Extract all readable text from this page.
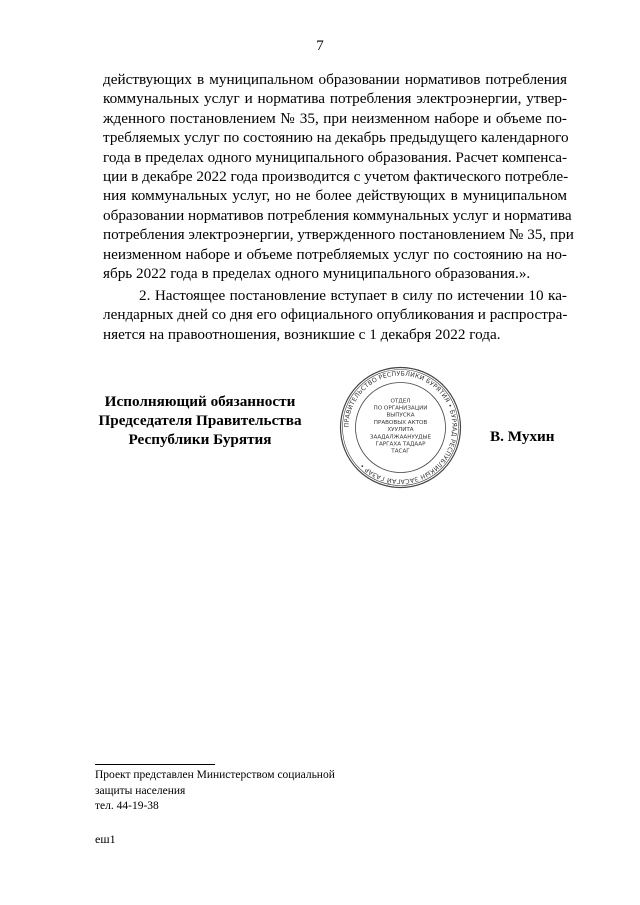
7
действующих в муниципальном образовании нормативов потребления
коммунальных услуг и норматива потребления электроэнергии, утвер-
жденного постановлением № 35, при неизменном наборе и объеме по-
требляемых услуг по состоянию на декабрь предыдущего календарного
года в пределах одного муниципального образования. Расчет компенса-
ции в декабре 2022 года производится с учетом фактического потребле-
ния коммунальных услуг, но не более действующих в муниципальном
образовании нормативов потребления коммунальных услуг и норматива
потребления электроэнергии, утвержденного постановлением № 35, при
неизменном наборе и объеме потребляемых услуг по состоянию на но-
ябрь 2022 года в пределах одного муниципального образования.».
2. Настоящее постановление вступает в силу по истечении 10 ка-
лендарных дней со дня его официального опубликования и распростра-
няется на правоотношения, возникшие с 1 декабря 2022 года.
Исполняющий обязанности
Председателя Правительства
Республики Бурятия
ПРАВИТЕЛЬСТВО РЕСПУБЛИКИ БУРЯТИЯ • БУРЯАД РЕСПУБЛИКЫН ЗАСАГАЙ ГАЗАР •
ОТДЕЛ
ПО ОРГАНИЗАЦИИ
ВЫПУСКА
ПРАВОВЫХ АКТОВ
ХУУЛИТА
ЗААДАЛЖААНУУДЫЕ
ГАРГАХА ТАДААР
ТАСАГ
В. Мухин
Проект представлен Министерством социальной
защиты населения
тел. 44-19-38
еш1
